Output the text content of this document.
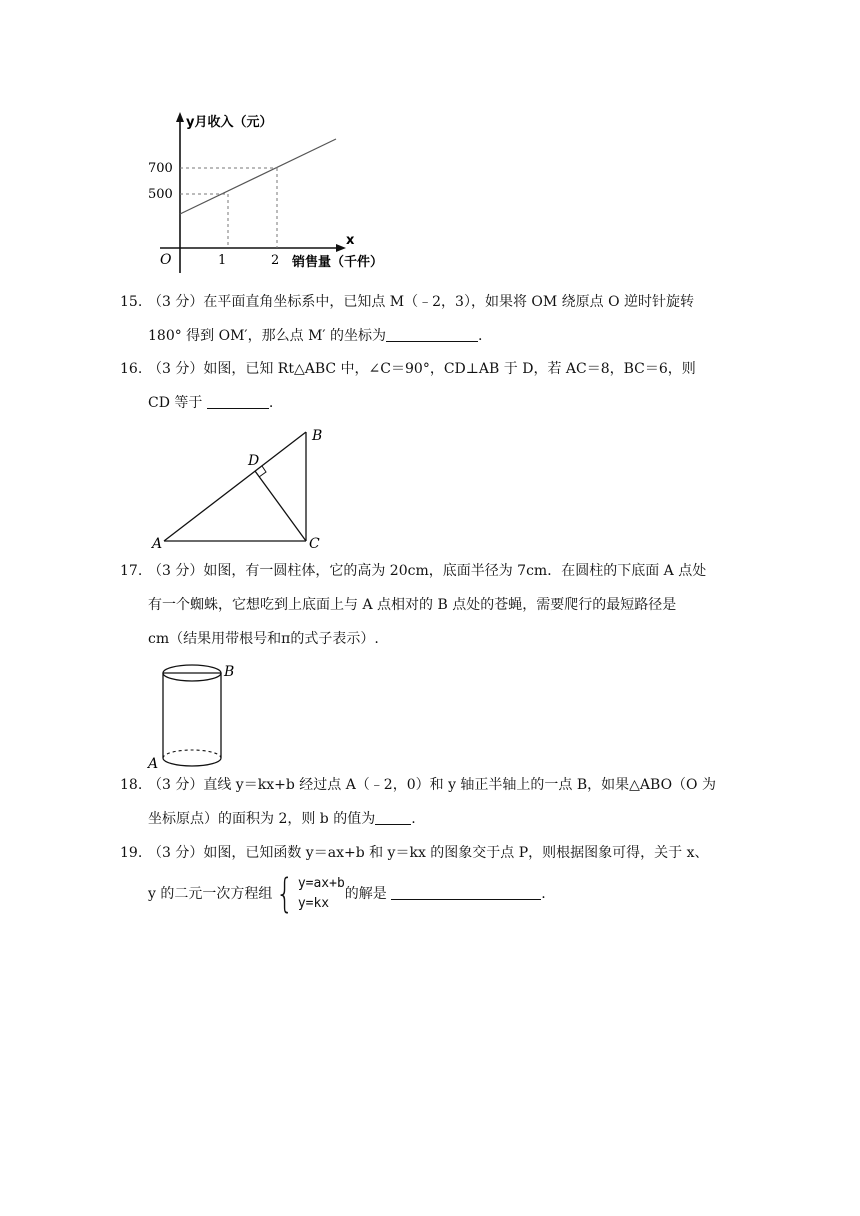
y月收入（元）
700
500
O	1	2
x
销售量（千件）
15. （3 分）在平面直角坐标系中，已知点 M（﹣2，3），如果将 OM 绕原点 O 逆时针旋转
180° 得到 OM′，那么点 M′ 的坐标为	.
16. （3 分）如图，已知 Rt△ABC 中，∠C＝90°，CD⊥AB 于 D，若 AC＝8，BC＝6，则
CD 等于	.
A
B
C
D
17. （3 分）如图，有一圆柱体，它的高为 20cm，底面半径为 7cm．在圆柱的下底面 A 点处
有一个蜘蛛，它想吃到上底面上与 A 点相对的 B 点处的苍蝇，需要爬行的最短路径是
cm（结果用带根号和π的式子表示）.
B
A
18. （3 分）直线 y＝kx+b 经过点 A（﹣2，0）和 y 轴正半轴上的一点 B，如果△ABO（O 为
坐标原点）的面积为 2，则 b 的值为	.
19. （3 分）如图，已知函数 y＝ax+b 和 y＝kx 的图象交于点 P，则根据图象可得，关于 x、
y 的二元一次方程组{ y=ax+b
y=kx的解是	.
